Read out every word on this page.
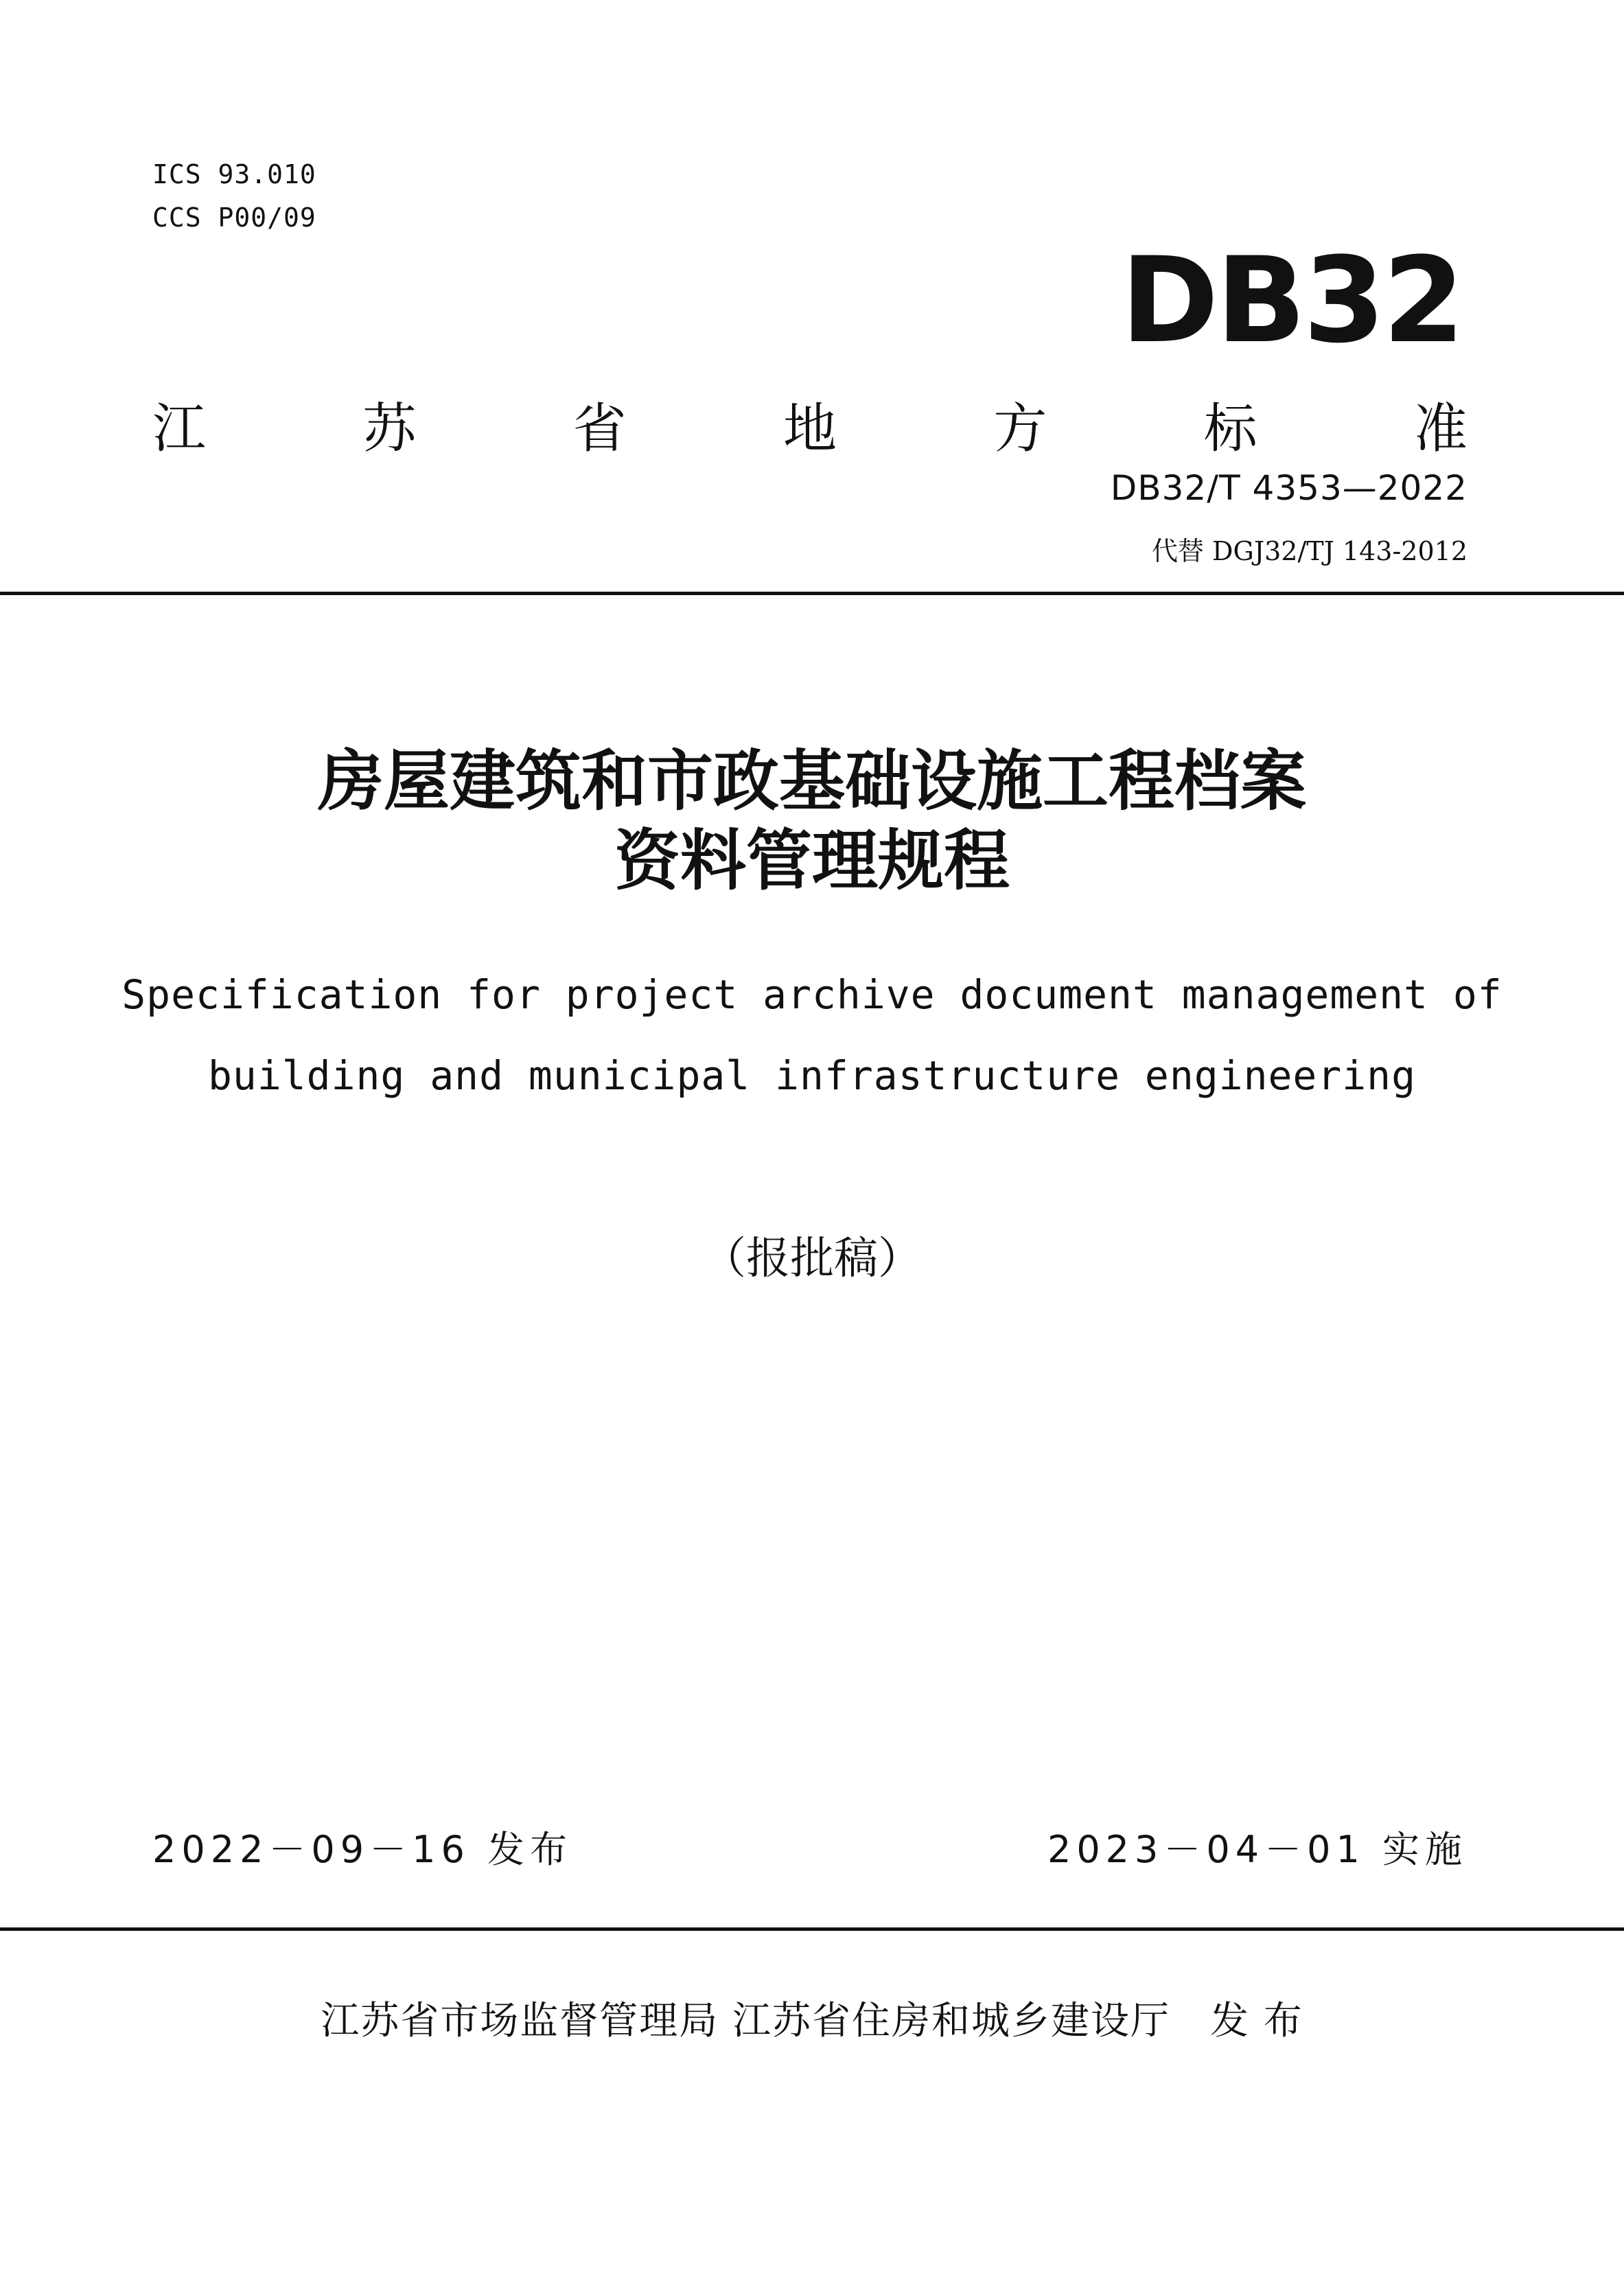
ICS 93.010

CCS P00/09

DB32

江	苏	省	地	方	标	准

DB32/T 4353—2022

代替 DGJ32/TJ 143-2012

房屋建筑和市政基础设施工程档案

资料管理规程

Specification for project archive document management of

building and municipal infrastructure engineering

（报批稿）

2022－09－16 发布	2023－04－01 实施

江苏省市场监督管理局 江苏省住房和城乡建设厅　发 布
